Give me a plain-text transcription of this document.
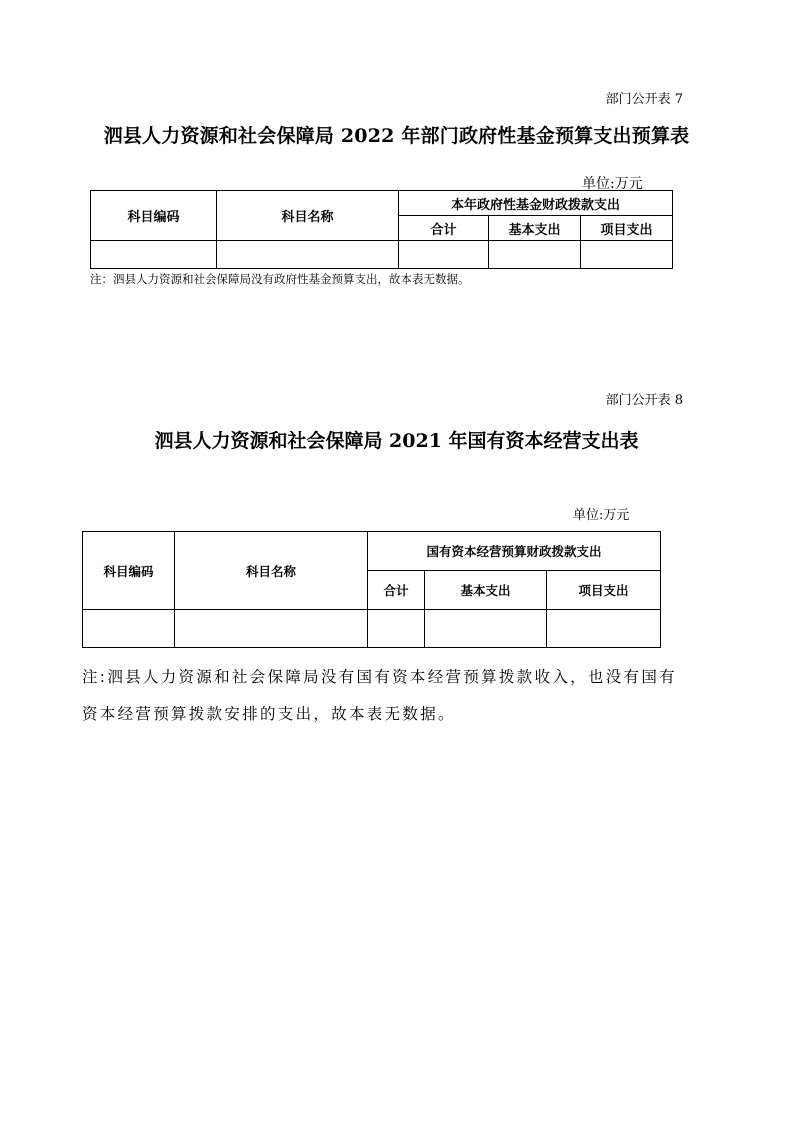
部门公开表 7
泗县人力资源和社会保障局 2022 年部门政府性基金预算支出预算表
单位:万元
科目编码	科目名称	本年政府性基金财政拨款支出		
		合计	基本支出	项目支出

注：泗县人力资源和社会保障局没有政府性基金预算支出，故本表无数据。
部门公开表 8
泗县人力资源和社会保障局 2021 年国有资本经营支出表
单位:万元
科目编码	科目名称	国有资本经营预算财政拨款支出		
		合计	基本支出	项目支出

注:泗县人力资源和社会保障局没有国有资本经营预算拨款收入，也没有国有资本经营预算拨款安排的支出，故本表无数据。
